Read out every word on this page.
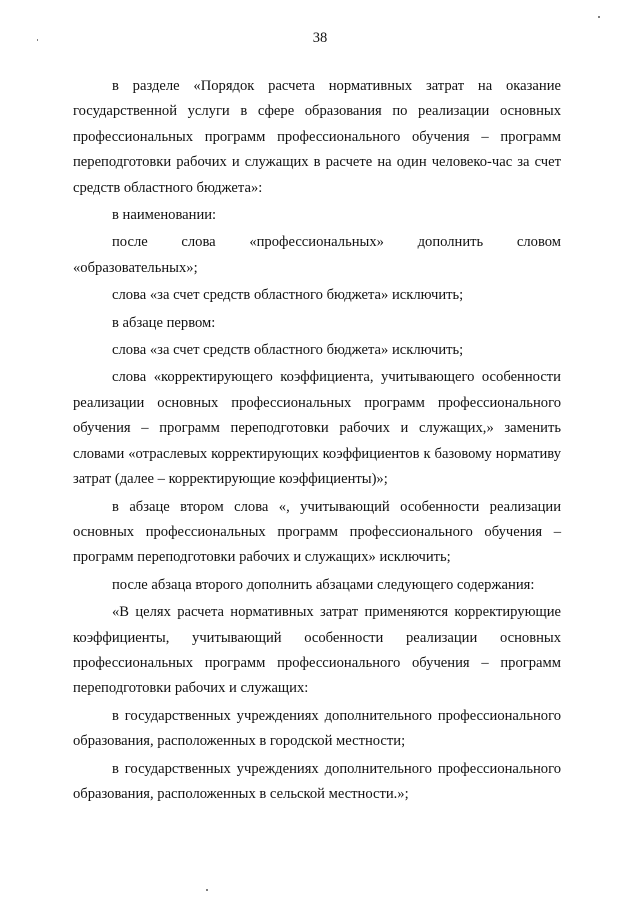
38

в разделе «Порядок расчета нормативных затрат на оказание государственной услуги в сфере образования по реализации основных профессиональных программ профессионального обучения – программ переподготовки рабочих и служащих в расчете на один человеко-час за счет средств областного бюджета»:

в наименовании:

после слова «профессиональных» дополнить словом «образовательных»;

слова «за счет средств областного бюджета» исключить;

в абзаце первом:

слова «за счет средств областного бюджета» исключить;

слова «корректирующего коэффициента, учитывающего особенности реализации основных профессиональных программ профессионального обучения – программ переподготовки рабочих и служащих,» заменить словами «отраслевых корректирующих коэффициентов к базовому нормативу затрат (далее – корректирующие коэффициенты)»;

в абзаце втором слова «, учитывающий особенности реализации основных профессиональных программ профессионального обучения – программ переподготовки рабочих и служащих» исключить;

после абзаца второго дополнить абзацами следующего содержания:

«В целях расчета нормативных затрат применяются корректирующие коэффициенты, учитывающий особенности реализации основных профессиональных программ профессионального обучения – программ переподготовки рабочих и служащих:

в государственных учреждениях дополнительного профессионального образования, расположенных в городской местности;

в государственных учреждениях дополнительного профессионального образования, расположенных в сельской местности.»;
